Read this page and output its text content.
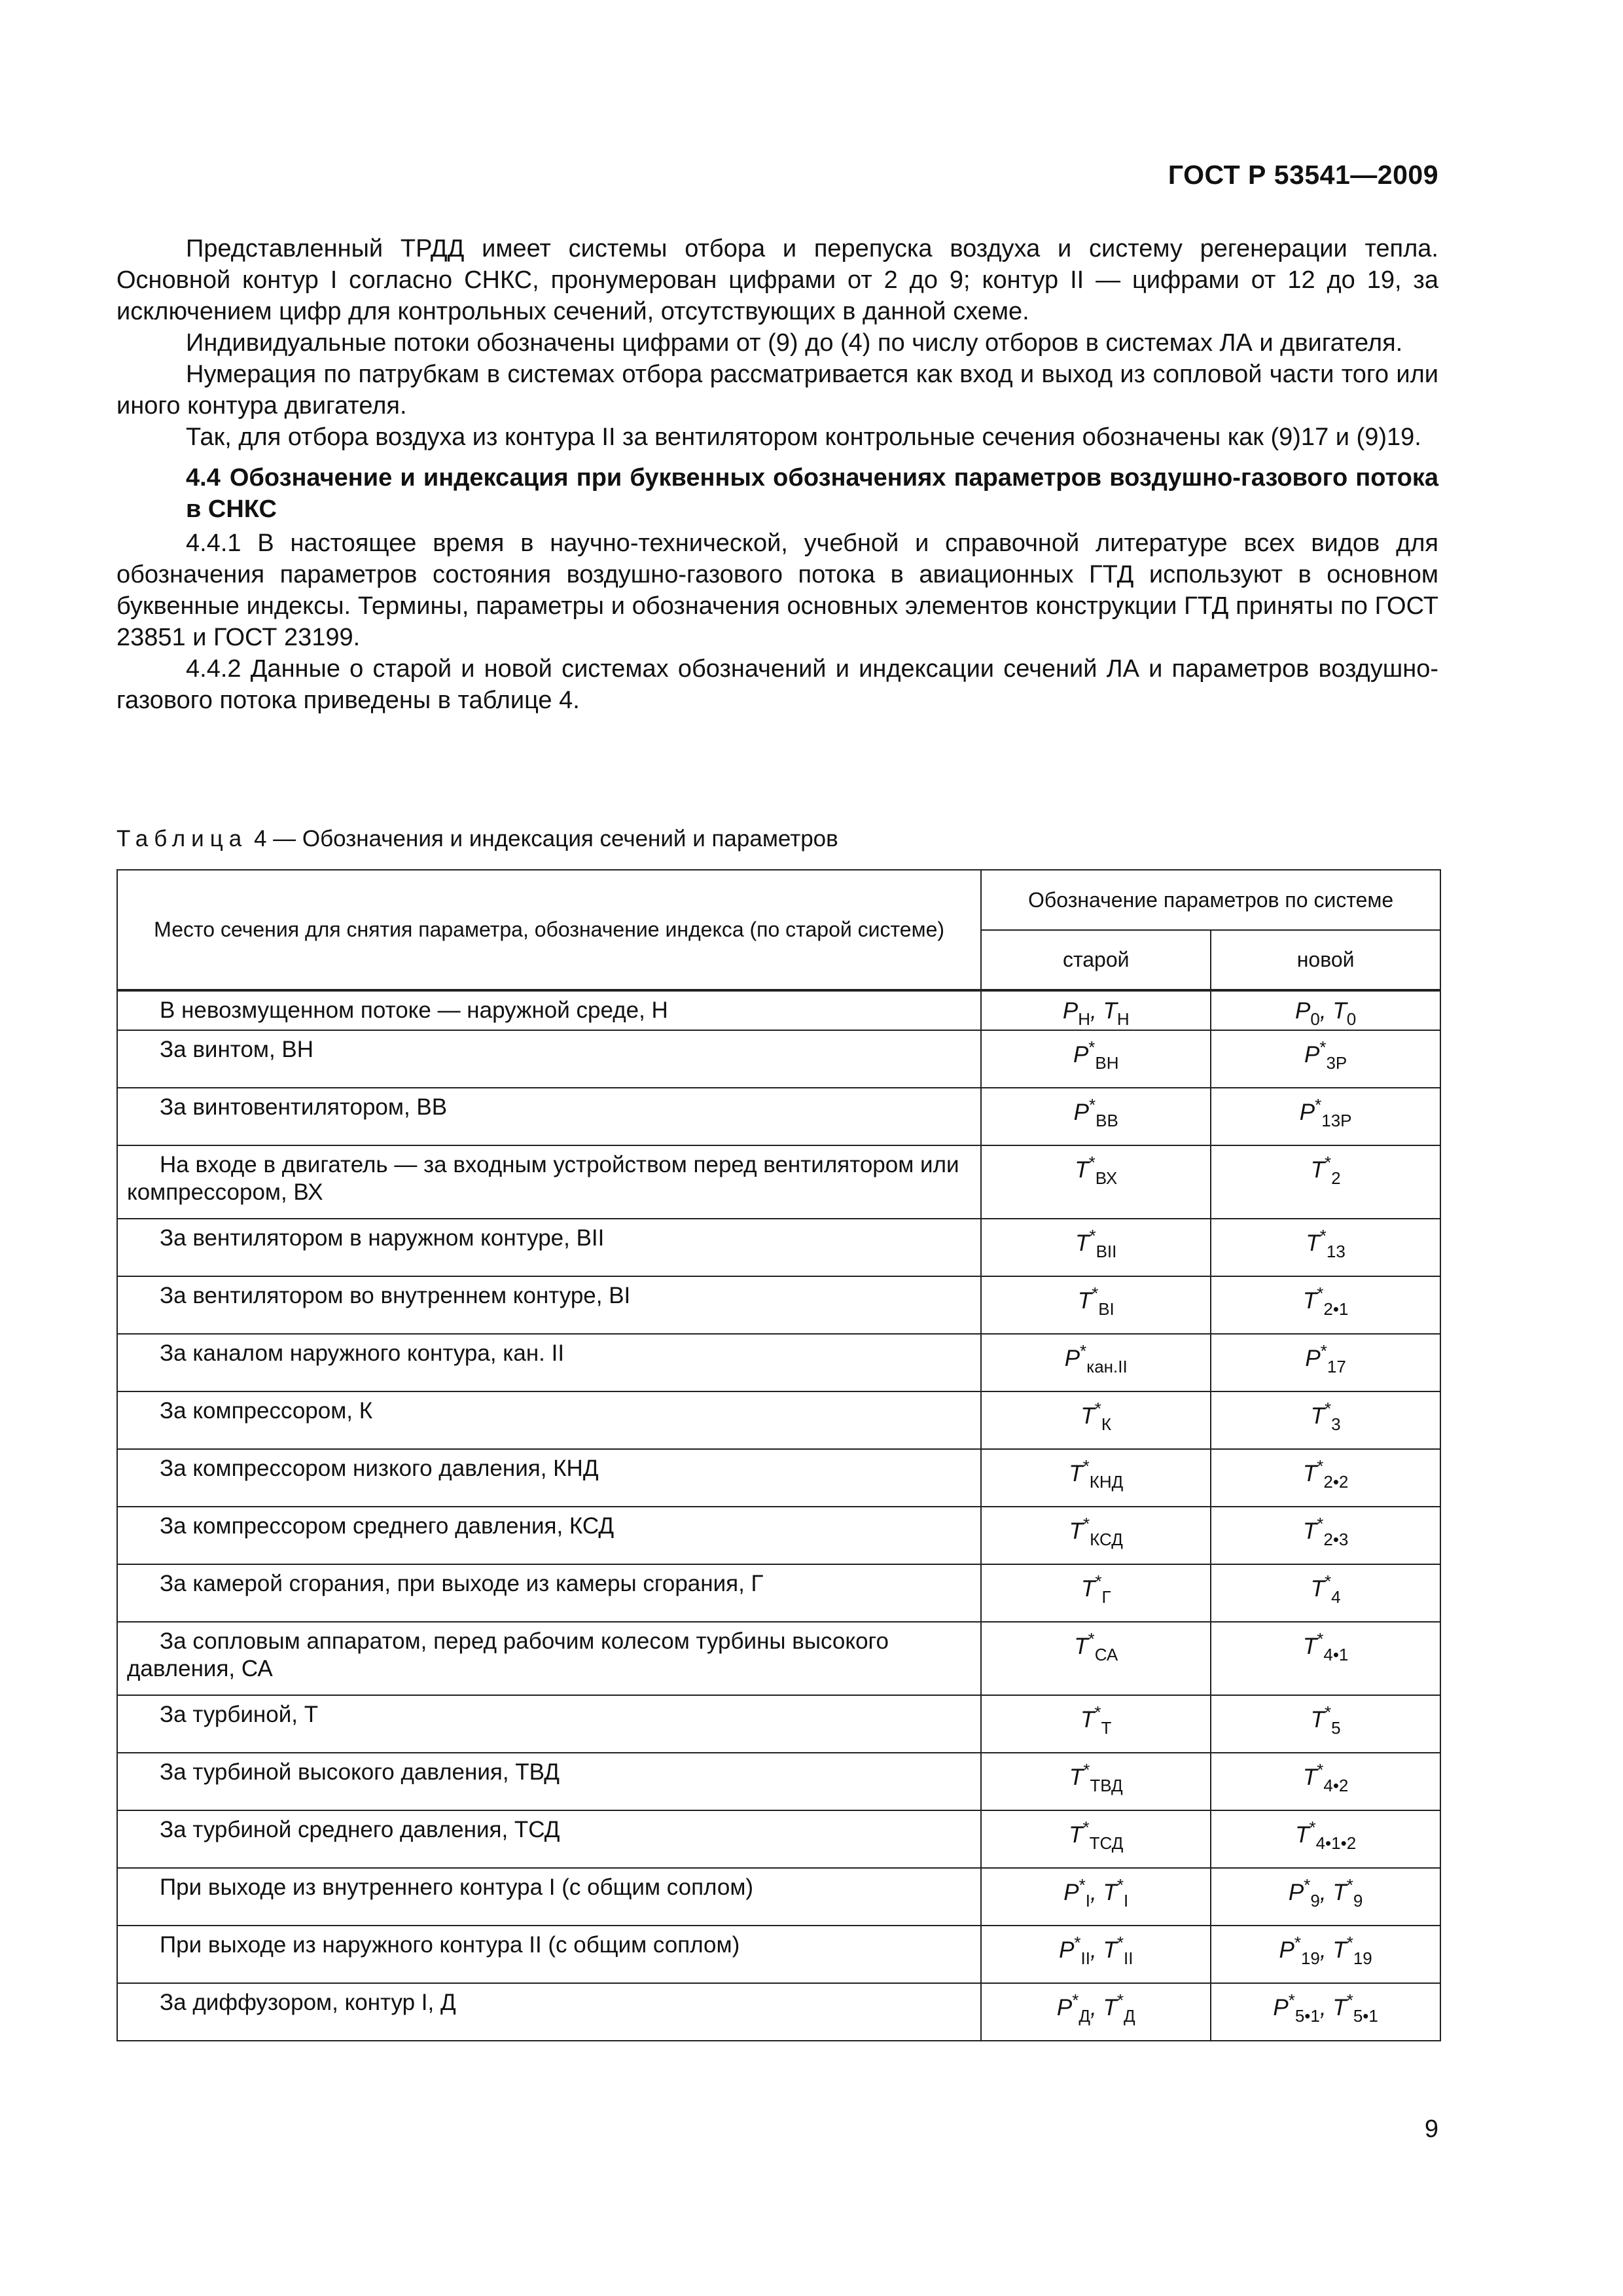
ГОСТ Р 53541—2009

Представленный ТРДД имеет системы отбора и перепуска воздуха и систему регенерации тепла. Основной контур I согласно СНКС, пронумерован цифрами от 2 до 9; контур II — цифрами от 12 до 19, за исключением цифр для контрольных сечений, отсутствующих в данной схеме.

Индивидуальные потоки обозначены цифрами от (9) до (4) по числу отборов в системах ЛА и двигателя.

Нумерация по патрубкам в системах отбора рассматривается как вход и выход из сопловой части того или иного контура двигателя.

Так, для отбора воздуха из контура II за вентилятором контрольные сечения обозначены как (9)17 и (9)19.

4.4 Обозначение и индексация при буквенных обозначениях параметров воздушно-газового потока в СНКС

4.4.1 В настоящее время в научно-технической, учебной и справочной литературе всех видов для обозначения параметров состояния воздушно-газового потока в авиационных ГТД используют в основном буквенные индексы. Термины, параметры и обозначения основных элементов конструкции ГТД приняты по ГОСТ 23851 и ГОСТ 23199.

4.4.2 Данные о старой и новой системах обозначений и индексации сечений ЛА и параметров воздушно-газового потока приведены в таблице 4.

Таблица 4 — Обозначения и индексация сечений и параметров
Место сечения для снятия параметра, обозначение индекса (по старой системе)	Обозначение параметров по системе	
	старой	новой
В невозмущенном потоке — наружной среде, Н	$P_Н$, $T_Н$	$P_0$, $T_0$
За винтом, ВН	$P^*_{ВН}$	$P^*_{3Р}$
За винтовентилятором, ВВ	$P^*_{ВВ}$	$P^*_{13Р}$
На входе в двигатель — за входным устройством перед вентилятором или компрессором, ВХ	$T^*_{ВХ}$	$T^*_2$
За вентилятором в наружном контуре, ВII	$T^*_{ВII}$	$T^*_{13}$
За вентилятором во внутреннем контуре, ВI	$T^*_{ВI}$	$T^*_{2•1}$
За каналом наружного контура, кан. II	$P^*_{кан.II}$	$P^*_{17}$
За компрессором, К	$T^*_К$	$T^*_3$
За компрессором низкого давления, КНД	$T^*_{КНД}$	$T^*_{2•2}$
За компрессором среднего давления, КСД	$T^*_{КСД}$	$T^*_{2•3}$
За камерой сгорания, при выходе из камеры сгорания, Г	$T^*_Г$	$T^*_4$
За сопловым аппаратом, перед рабочим колесом турбины высокого давления, СА	$T^*_{СА}$	$T^*_{4•1}$
За турбиной, Т	$T^*_Т$	$T^*_5$
За турбиной высокого давления, ТВД	$T^*_{ТВД}$	$T^*_{4•2}$
За турбиной среднего давления, ТСД	$T^*_{ТСД}$	$T^*_{4•1•2}$
При выходе из внутреннего контура I (с общим соплом)	$P^*_I$, $T^*_I$	$P^*_9$, $T^*_9$
При выходе из наружного контура II (с общим соплом)	$P^*_{II}$, $T^*_{II}$	$P^*_{19}$, $T^*_{19}$
За диффузором, контур I, Д	$P^*_Д$, $T^*_Д$	$P^*_{5•1}$, $T^*_{5•1}$
9
